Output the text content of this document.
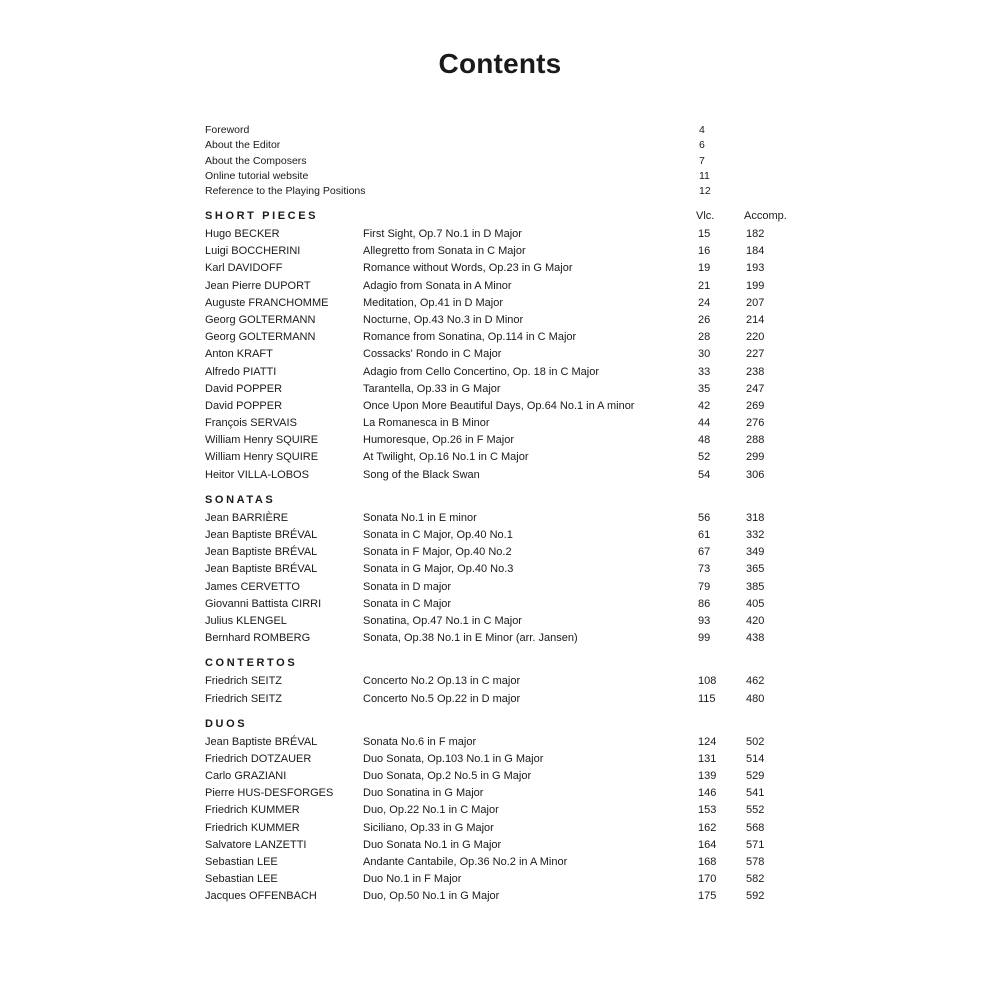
Contents
Foreword	4
About the Editor	6
About the Composers	7
Online tutorial website	11
Reference to the Playing Positions	12
SHORT PIECES	Vlc.	Accomp.
Hugo BECKER	First Sight, Op.7 No.1 in D Major	15	182
Luigi BOCCHERINI	Allegretto from Sonata in C Major	16	184
Karl DAVIDOFF	Romance without Words, Op.23 in G Major	19	193
Jean Pierre DUPORT	Adagio from Sonata in A Minor	21	199
Auguste FRANCHOMME	Meditation, Op.41 in D Major	24	207
Georg GOLTERMANN	Nocturne, Op.43 No.3 in D Minor	26	214
Georg GOLTERMANN	Romance from Sonatina, Op.114 in C Major	28	220
Anton KRAFT	Cossacks' Rondo in C Major	30	227
Alfredo PIATTI	Adagio from Cello Concertino, Op. 18 in C Major	33	238
David POPPER	Tarantella, Op.33 in G Major	35	247
David POPPER	Once Upon More Beautiful Days, Op.64 No.1 in A minor	42	269
François SERVAIS	La Romanesca in B Minor	44	276
William Henry SQUIRE	Humoresque, Op.26 in F Major	48	288
William Henry SQUIRE	At Twilight, Op.16 No.1 in C Major	52	299
Heitor VILLA-LOBOS	Song of the Black Swan	54	306
SONATAS
Jean BARRIÈRE	Sonata No.1 in E minor	56	318
Jean Baptiste BRÉVAL	Sonata in C Major, Op.40 No.1	61	332
Jean Baptiste BRÉVAL	Sonata in F Major, Op.40 No.2	67	349
Jean Baptiste BRÉVAL	Sonata in G Major, Op.40 No.3	73	365
James CERVETTO	Sonata in D major	79	385
Giovanni Battista CIRRI	Sonata in C Major	86	405
Julius KLENGEL	Sonatina, Op.47 No.1 in C Major	93	420
Bernhard ROMBERG	Sonata, Op.38 No.1 in E Minor (arr. Jansen)	99	438
CONTERTOS
Friedrich SEITZ	Concerto No.2 Op.13 in C major	108	462
Friedrich SEITZ	Concerto No.5 Op.22 in D major	115	480
DUOS
Jean Baptiste BRÉVAL	Sonata No.6 in F major	124	502
Friedrich DOTZAUER	Duo Sonata, Op.103 No.1 in G Major	131	514
Carlo GRAZIANI	Duo Sonata, Op.2 No.5 in G Major	139	529
Pierre HUS-DESFORGES	Duo Sonatina in G Major	146	541
Friedrich KUMMER	Duo, Op.22 No.1 in C Major	153	552
Friedrich KUMMER	Siciliano, Op.33 in G Major	162	568
Salvatore LANZETTI	Duo Sonata No.1 in G Major	164	571
Sebastian LEE	Andante Cantabile, Op.36 No.2 in A Minor	168	578
Sebastian LEE	Duo No.1 in F Major	170	582
Jacques OFFENBACH	Duo, Op.50 No.1 in G Major	175	592
